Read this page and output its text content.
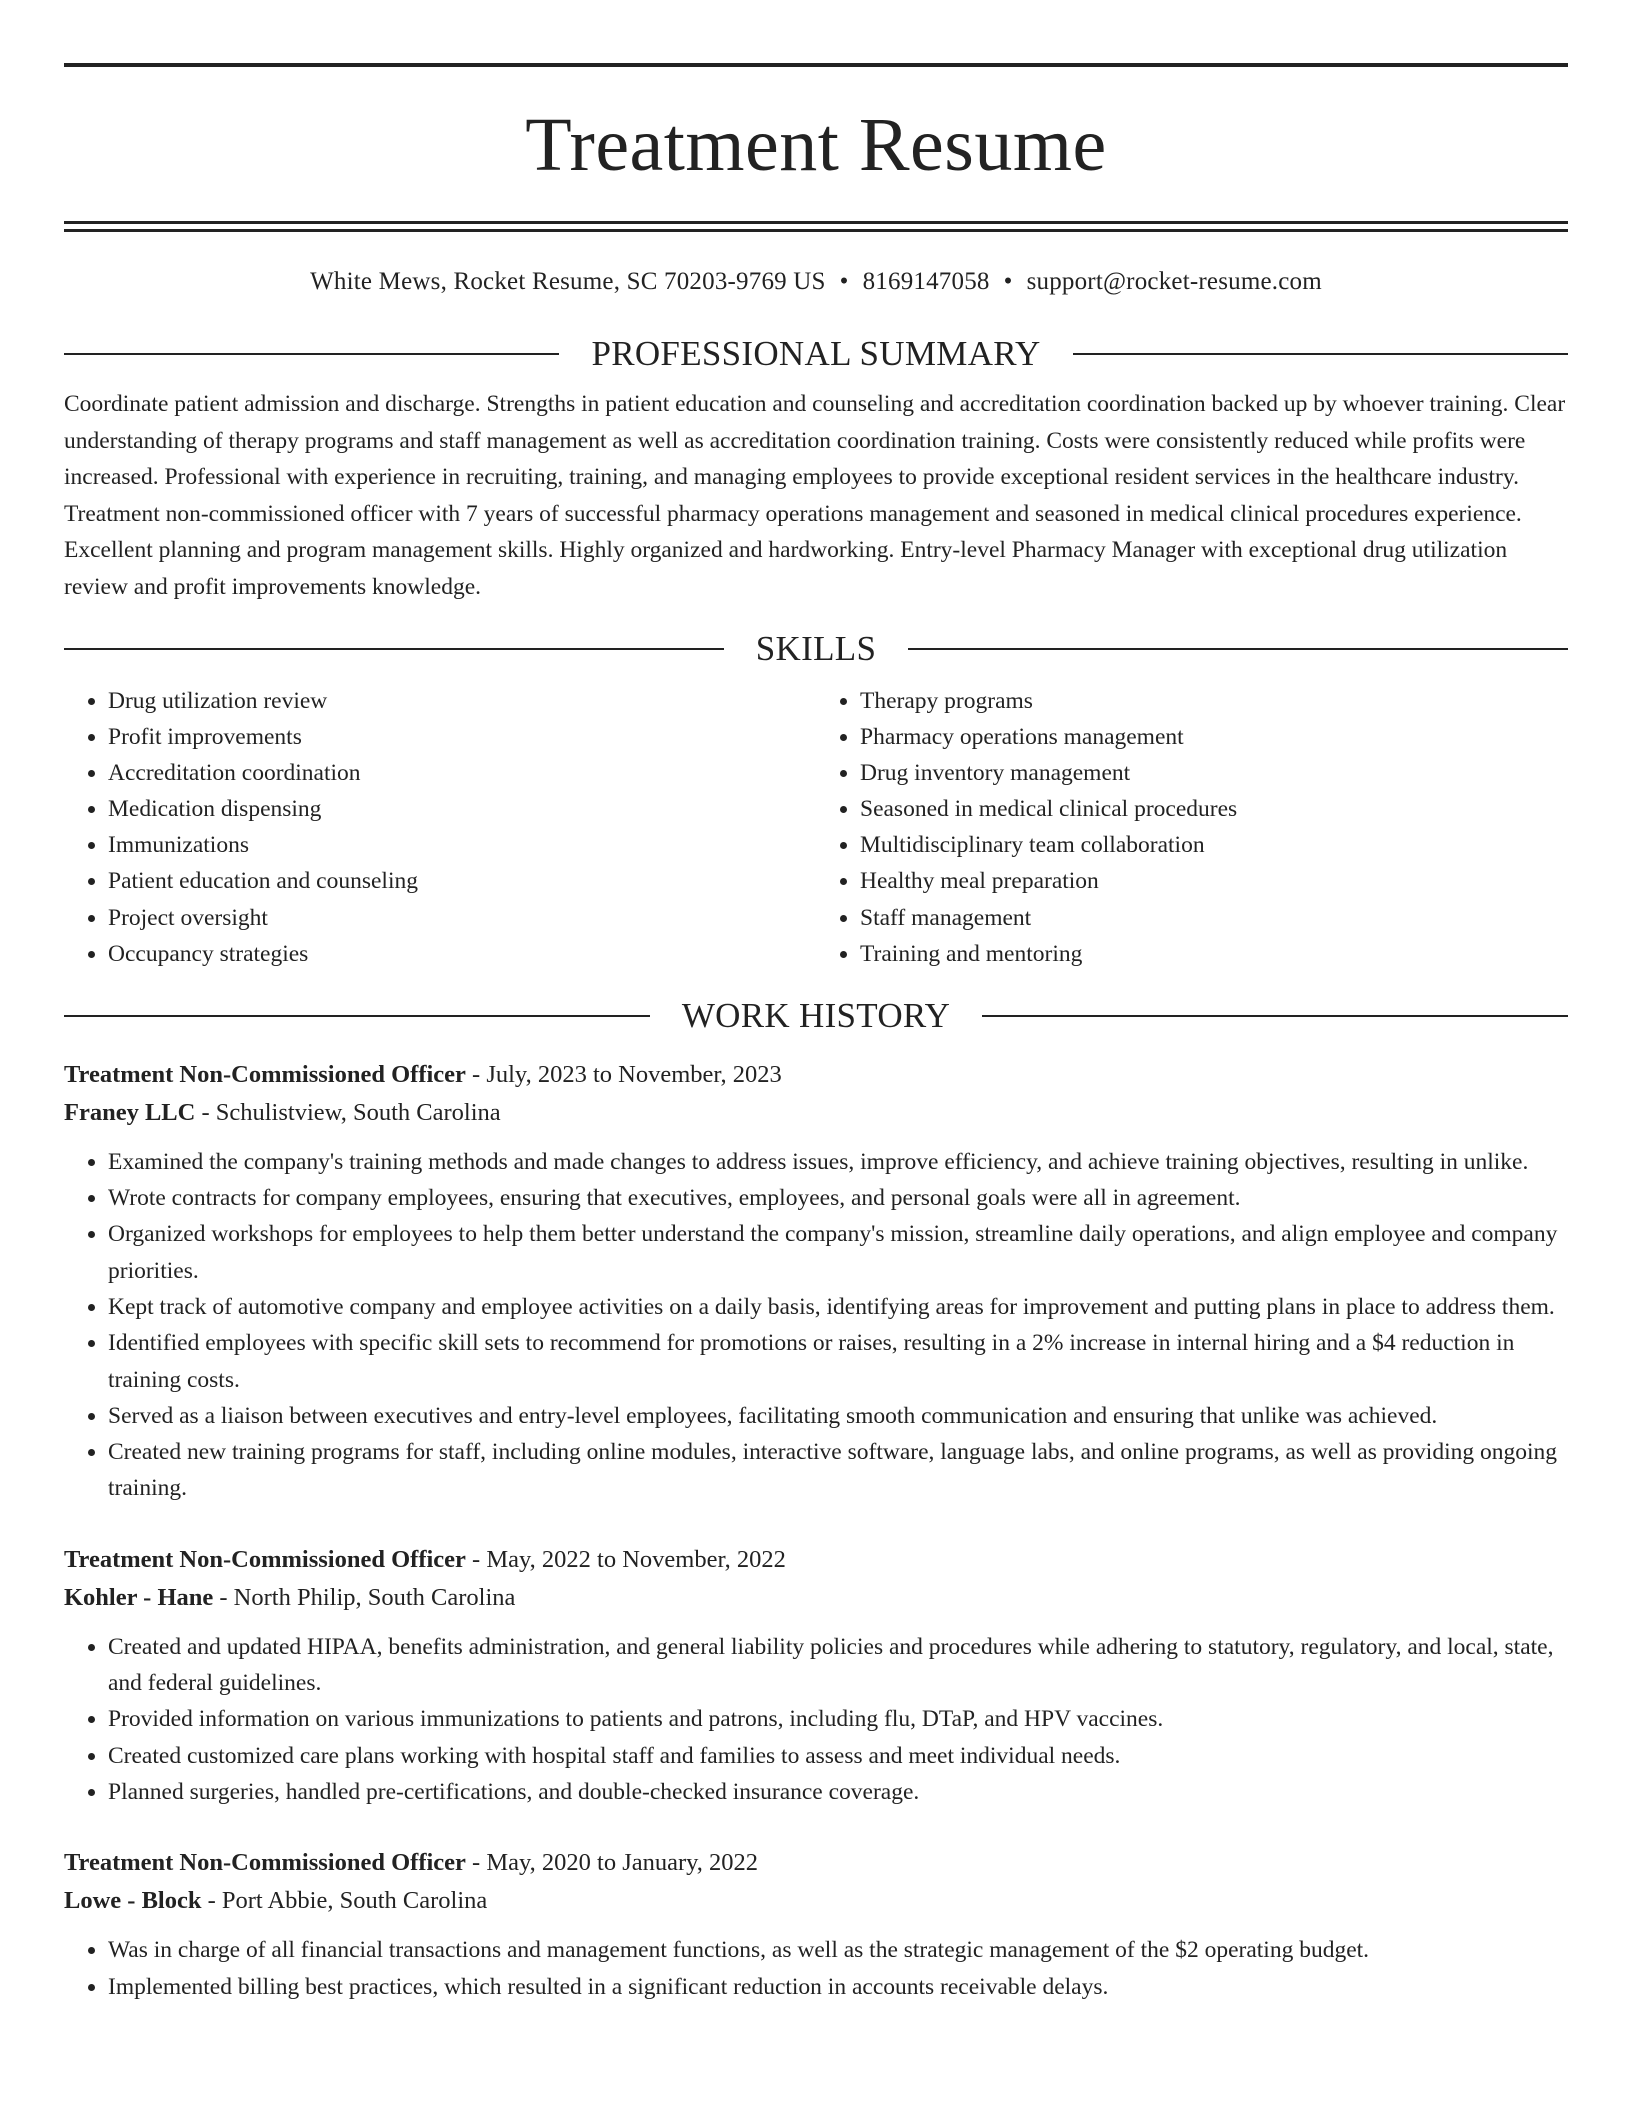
Treatment Resume
White Mews, Rocket Resume, SC 70203-9769 US • 8169147058 • support@rocket-resume.com
PROFESSIONAL SUMMARY
Coordinate patient admission and discharge. Strengths in patient education and counseling and accreditation coordination backed up by whoever training. Clear understanding of therapy programs and staff management as well as accreditation coordination training. Costs were consistently reduced while profits were increased. Professional with experience in recruiting, training, and managing employees to provide exceptional resident services in the healthcare industry. Treatment non-commissioned officer with 7 years of successful pharmacy operations management and seasoned in medical clinical procedures experience. Excellent planning and program management skills. Highly organized and hardworking. Entry-level Pharmacy Manager with exceptional drug utilization review and profit improvements knowledge.
SKILLS
• Drug utilization review
• Profit improvements
• Accreditation coordination
• Medication dispensing
• Immunizations
• Patient education and counseling
• Project oversight
• Occupancy strategies
• Therapy programs
• Pharmacy operations management
• Drug inventory management
• Seasoned in medical clinical procedures
• Multidisciplinary team collaboration
• Healthy meal preparation
• Staff management
• Training and mentoring
WORK HISTORY
Treatment Non-Commissioned Officer - July, 2023 to November, 2023
Franey LLC - Schulistview, South Carolina
• Examined the company's training methods and made changes to address issues, improve efficiency, and achieve training objectives, resulting in unlike.
• Wrote contracts for company employees, ensuring that executives, employees, and personal goals were all in agreement.
• Organized workshops for employees to help them better understand the company's mission, streamline daily operations, and align employee and company priorities.
• Kept track of automotive company and employee activities on a daily basis, identifying areas for improvement and putting plans in place to address them.
• Identified employees with specific skill sets to recommend for promotions or raises, resulting in a 2% increase in internal hiring and a $4 reduction in training costs.
• Served as a liaison between executives and entry-level employees, facilitating smooth communication and ensuring that unlike was achieved.
• Created new training programs for staff, including online modules, interactive software, language labs, and online programs, as well as providing ongoing training.
Treatment Non-Commissioned Officer - May, 2022 to November, 2022
Kohler - Hane - North Philip, South Carolina
• Created and updated HIPAA, benefits administration, and general liability policies and procedures while adhering to statutory, regulatory, and local, state, and federal guidelines.
• Provided information on various immunizations to patients and patrons, including flu, DTaP, and HPV vaccines.
• Created customized care plans working with hospital staff and families to assess and meet individual needs.
• Planned surgeries, handled pre-certifications, and double-checked insurance coverage.
Treatment Non-Commissioned Officer - May, 2020 to January, 2022
Lowe - Block - Port Abbie, South Carolina
• Was in charge of all financial transactions and management functions, as well as the strategic management of the $2 operating budget.
• Implemented billing best practices, which resulted in a significant reduction in accounts receivable delays.
